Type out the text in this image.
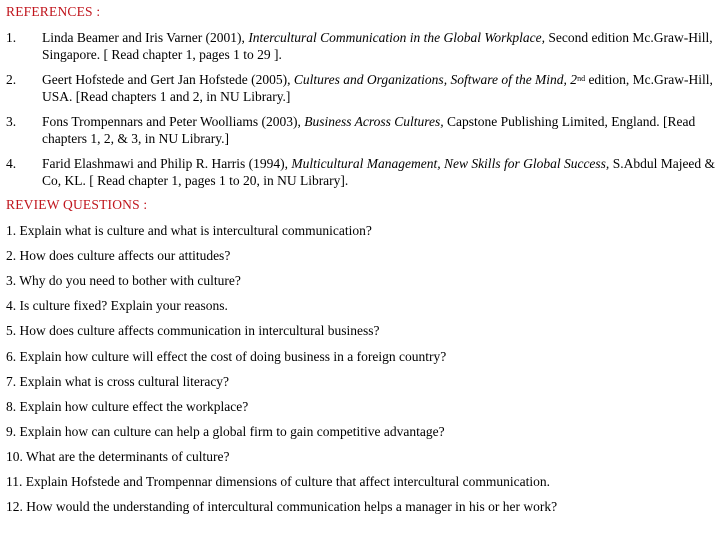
REFERENCES :
1. Linda Beamer and Iris Varner (2001), Intercultural Communication in the Global Workplace, Second edition Mc.Graw-Hill, Singapore. [ Read chapter 1, pages 1 to 29 ].
2. Geert Hofstede and Gert Jan Hofstede (2005), Cultures and Organizations, Software of the Mind, 2nd edition, Mc.Graw-Hill, USA. [Read chapters 1 and 2, in NU Library.]
3. Fons Trompennars and Peter Woolliams (2003), Business Across Cultures, Capstone Publishing Limited, England. [Read chapters 1, 2, & 3, in NU Library.]
4. Farid Elashmawi and Philip R. Harris (1994), Multicultural Management, New Skills for Global Success, S.Abdul Majeed & Co, KL. [ Read chapter 1, pages 1 to 20, in NU Library].
REVIEW QUESTIONS :
1. Explain what is culture and what is intercultural communication?
2. How does culture affects our attitudes?
3. Why do you need to bother with culture?
4. Is culture fixed? Explain your reasons.
5. How does culture affects communication in intercultural business?
6. Explain how culture will effect the cost of doing business in a foreign country?
7. Explain what is cross cultural literacy?
8. Explain how culture effect the workplace?
9. Explain how can culture can help a global firm to gain competitive advantage?
10. What are the determinants of culture?
11. Explain Hofstede and Trompennar dimensions of culture that affect intercultural communication.
12. How would the understanding of intercultural communication helps a manager in his or her work?
